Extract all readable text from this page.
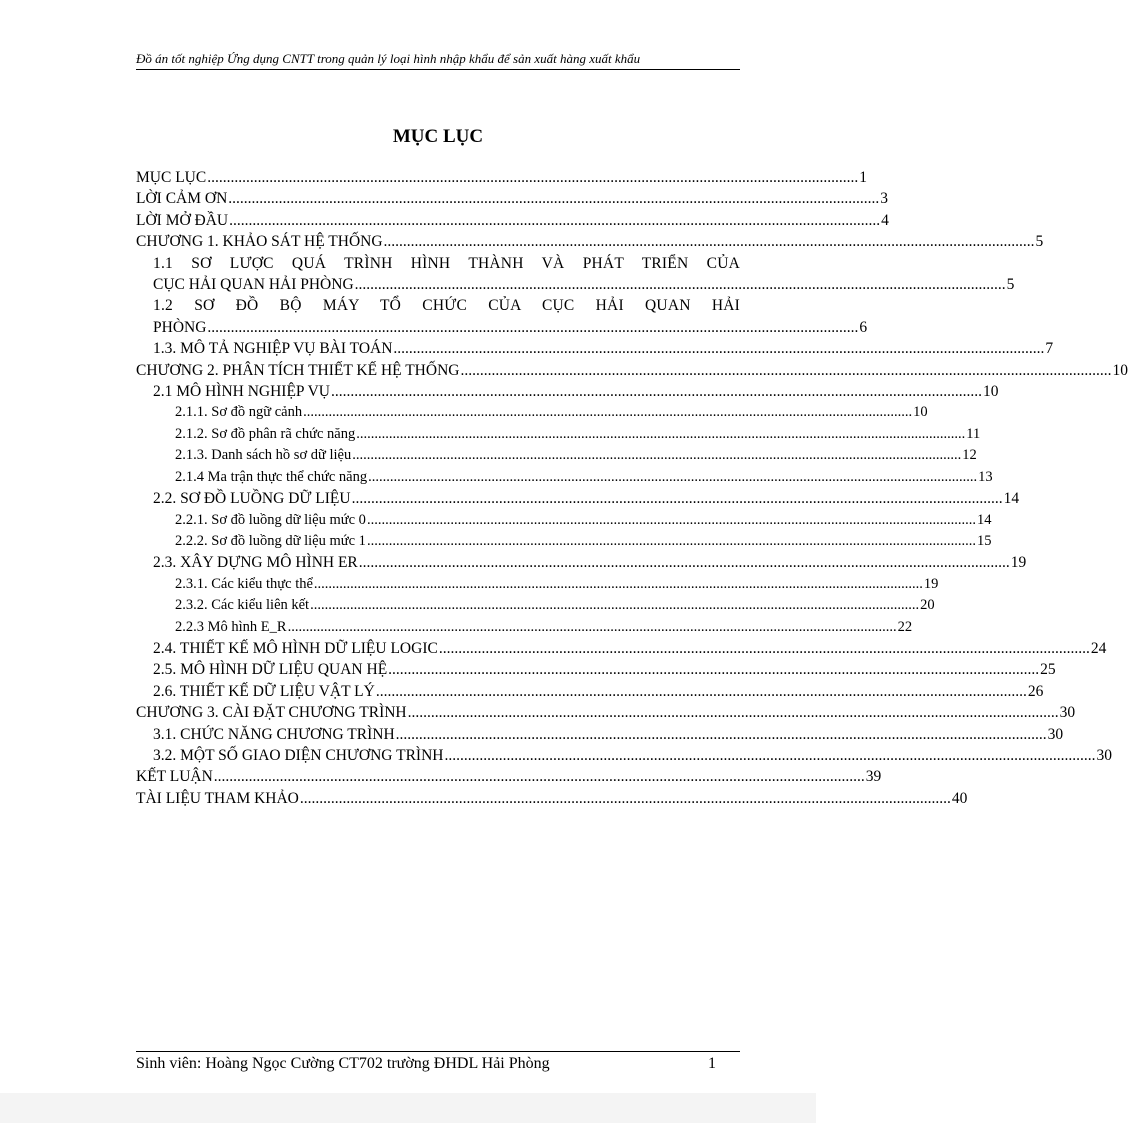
Đồ án tốt nghiệp Ứng dụng CNTT trong quản lý loại hình nhập khẩu để sản xuất hàng xuất khẩu
MỤC LỤC
MỤC LỤC ........................................................................................................................................................................ 1
LỜI CẢM ƠN ........................................................................................................................................................................ 3
LỜI MỞ ĐẦU ........................................................................................................................................................................ 4
CHƯƠNG 1. KHẢO SÁT HỆ THỐNG ........................................................................................................................................................................ 5
1.1 SƠ LƯỢC QUÁ TRÌNH HÌNH THÀNH VÀ PHÁT TRIỂN CỦA
CỤC HẢI QUAN HẢI PHÒNG ........................................................................................................................................................................ 5
1.2 SƠ ĐỒ BỘ MÁY TỔ CHỨC CỦA CỤC HẢI QUAN HẢI
PHÒNG ........................................................................................................................................................................ 6
1.3. MÔ TẢ NGHIỆP VỤ BÀI TOÁN ........................................................................................................................................................................ 7
CHƯƠNG 2. PHÂN TÍCH THIẾT KẾ HỆ THỐNG ........................................................................................................................................................................ 10
2.1 MÔ HÌNH NGHIỆP VỤ ........................................................................................................................................................................ 10
2.1.1. Sơ đồ ngữ cảnh ........................................................................................................................................................................ 10
2.1.2. Sơ đồ phân rã chức năng ........................................................................................................................................................................ 11
2.1.3. Danh sách hồ sơ dữ liệu ........................................................................................................................................................................ 12
2.1.4 Ma trận thực thể chức năng ........................................................................................................................................................................ 13
2.2. SƠ ĐỒ LUỒNG DỮ LIỆU ........................................................................................................................................................................ 14
2.2.1. Sơ đồ luồng dữ liệu mức 0 ........................................................................................................................................................................ 14
2.2.2. Sơ đồ luồng dữ liệu mức 1 ........................................................................................................................................................................ 15
2.3. XÂY DỰNG MÔ HÌNH ER ........................................................................................................................................................................ 19
2.3.1. Các kiểu thực thể ........................................................................................................................................................................ 19
2.3.2. Các kiểu liên kết ........................................................................................................................................................................ 20
2.2.3 Mô hình E_R ........................................................................................................................................................................ 22
2.4. THIẾT KẾ MÔ HÌNH DỮ LIỆU LOGIC ........................................................................................................................................................................ 24
2.5. MÔ HÌNH DỮ LIỆU QUAN HỆ ........................................................................................................................................................................ 25
2.6. THIẾT KẾ DỮ LIỆU VẬT LÝ ........................................................................................................................................................................ 26
CHƯƠNG 3. CÀI ĐẶT CHƯƠNG TRÌNH ........................................................................................................................................................................ 30
3.1. CHỨC NĂNG CHƯƠNG TRÌNH ........................................................................................................................................................................ 30
3.2. MỘT SỐ GIAO DIỆN CHƯƠNG TRÌNH ........................................................................................................................................................................ 30
KẾT LUẬN ........................................................................................................................................................................ 39
TÀI LIỆU THAM KHẢO ........................................................................................................................................................................ 40
Sinh viên: Hoàng Ngọc Cường CT702 trường ĐHDL Hải Phòng	1
